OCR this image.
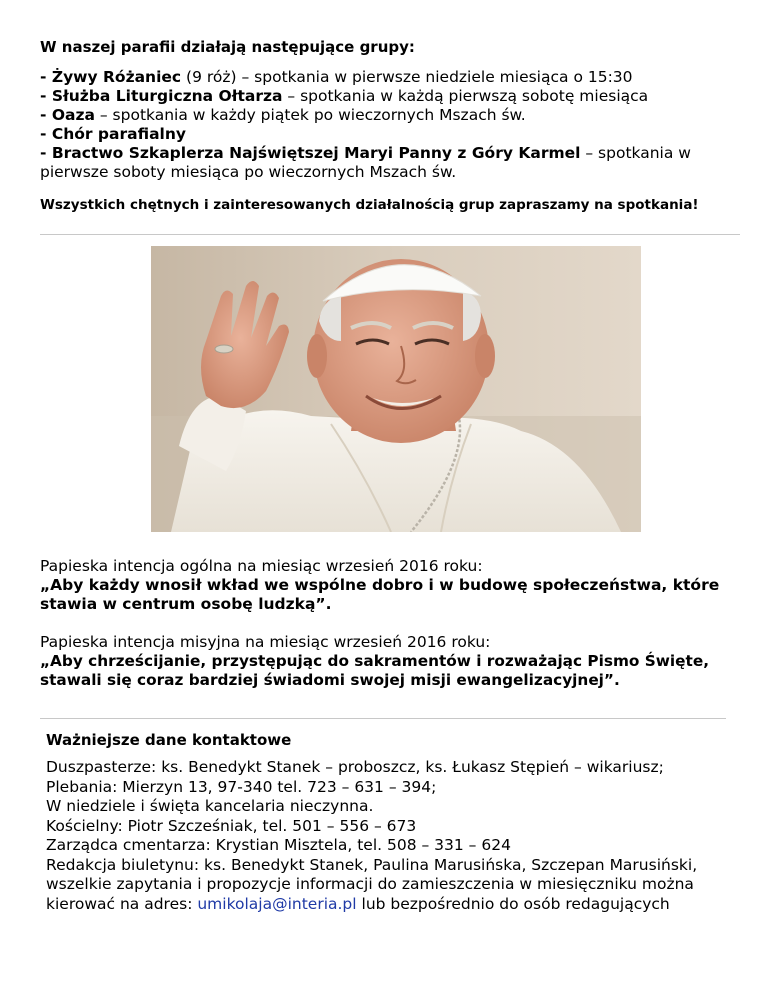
W naszej parafii działają następujące grupy:
- Żywy Różaniec (9 róż) – spotkania w pierwsze niedziele miesiąca o 15:30
- Służba Liturgiczna Ołtarza – spotkania w każdą pierwszą sobotę miesiąca
- Oaza – spotkania w każdy piątek po wieczornych Mszach św.
- Chór parafialny
- Bractwo Szkaplerza Najświętszej Maryi Panny z Góry Karmel – spotkania w pierwsze soboty miesiąca po wieczornych Mszach św.
Wszystkich chętnych i zainteresowanych działalnością grup zapraszamy na spotkania!
Papieska intencja ogólna na miesiąc wrzesień 2016 roku:
„Aby każdy wnosił wkład we wspólne dobro i w budowę społeczeństwa, które stawia w centrum osobę ludzką”.
Papieska intencja misyjna na miesiąc wrzesień 2016 roku:
„Aby chrześcijanie, przystępując do sakramentów i rozważając Pismo Święte, stawali się coraz bardziej świadomi swojej misji ewangelizacyjnej”.
Ważniejsze dane kontaktowe
Duszpasterze: ks. Benedykt Stanek – proboszcz, ks. Łukasz Stępień – wikariusz;
Plebania: Mierzyn 13, 97-340 tel. 723 – 631 – 394;
W niedziele i święta kancelaria nieczynna.
Kościelny: Piotr Szcześniak, tel. 501 – 556 – 673
Zarządca cmentarza: Krystian Misztela, tel. 508 – 331 – 624
Redakcja biuletynu: ks. Benedykt Stanek, Paulina Marusińska, Szczepan Marusiński,
wszelkie zapytania i propozycje informacji do zamieszczenia w miesięczniku można
kierować na adres: umikolaja@interia.pl lub bezpośrednio do osób redagujących
